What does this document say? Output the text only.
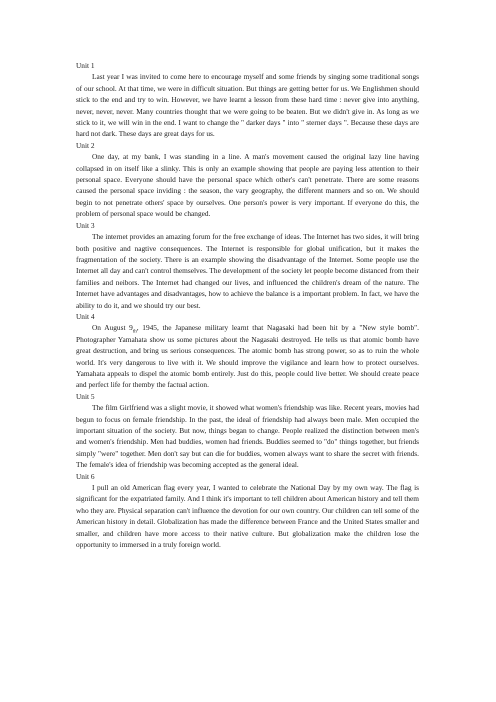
Unit 1

Last year I was invited to come here to encourage myself and some friends by singing some traditional songs of our school. At that time, we were in difficult situation. But things are getting better for us. We Englishmen should stick to the end and try to win. However, we have learnt a lesson from these hard time : never give into anything, never, never, never. Many countries thought that we were going to be beaten. But we didn't give in. As long as we stick to it, we will win in the end. I want to change the " darker days " into " sterner days ". Because these days are hard not dark. These days are great days for us.

Unit 2

One day, at my bank, I was standing in a line. A man's movement caused the original lazy line having collapsed in on itself like a slinky. This is only an example showing that people are paying less attention to their personal space. Everyone should have the personal space which other's can't penetrate. There are some reasons caused the personal space inviding : the season, the vary geography, the different manners and so on. We should begin to not penetrate others' space by ourselves. One person's power is very important. If everyone do this, the problem of personal space would be changed.

Unit 3

The internet provides an amazing forum for the free exchange of ideas. The Internet has two sides, it will bring both positive and nagtive consequences. The Internet is responsible for global unification, but it makes the fragmentation of the society. There is an example showing the disadvantage of the Internet. Some people use the Internet all day and can't control themselves. The development of the society let people become distanced from their families and neibors. The Internet had changed our lives, and influenced the children's dream of the nature. The Internet have advantages and disadvantages, how to achieve the balance is a important problem. In fact, we have the ability to do it, and we should try our best.

Unit 4

On August $9_{th}$, 1945, the Japanese military learnt that Nagasaki had been hit by a "New style bomb". Photographer Yamahata show us some pictures about the Nagasaki destroyed. He tells us that atomic bomb have great destruction, and bring us serious consequences. The atomic bomb has strong power, so as to ruin the whole world. It's very dangerous to live with it. We should improve the vigilance and learn how to protect ourselves. Yamahata appeals to dispel the atomic bomb entirely. Just do this, people could live better. We should create peace and perfect life for themby the factual action.

Unit 5

The film Girlfriend was a slight movie, it showed what women's friendship was like. Recent years, movies had begun to focus on female friendship. In the past, the ideal of friendship had always been male. Men occupied the important situation of the society. But now, things began to change. People realized the distinction between men's and women's friendship. Men had buddies, women had friends. Buddies seemed to "do" things together, but friends simply "were" together. Men don't say but can die for buddies, women always want to share the secret with friends. The female's idea of friendship was becoming accepted as the general ideal.

Unit 6

I pull an old American flag every year, I wanted to celebrate the National Day by my own way. The flag is significant for the expatriated family. And I think it's important to tell children about American history and tell them who they are. Physical separation can't influence the devotion for our own country. Our children can tell some of the American history in detail. Globalization has made the difference between France and the United States smaller and smaller, and children have more access to their native culture. But globalization make the children lose the opportunity to immersed in a truly foreign world.
